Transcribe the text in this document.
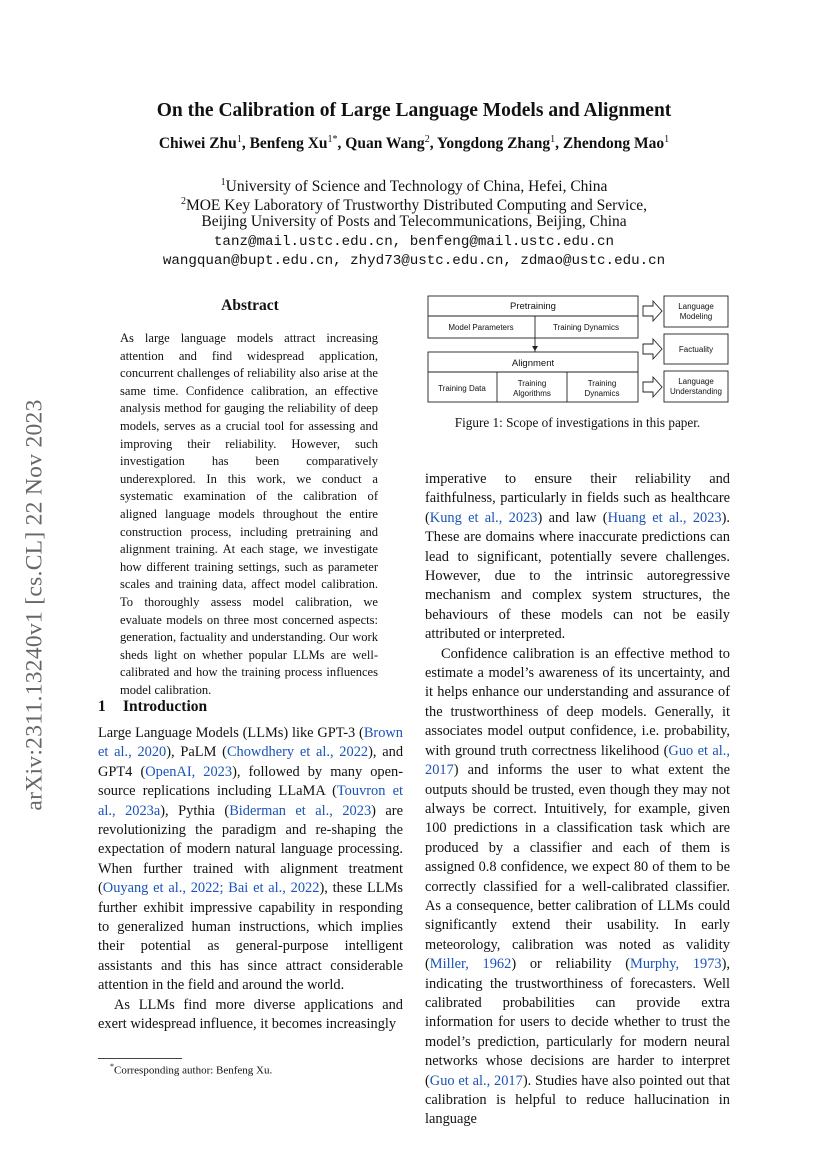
arXiv:2311.13240v1 [cs.CL] 22 Nov 2023
On the Calibration of Large Language Models and Alignment
Chiwei Zhu$^1$, Benfeng $Xu^{1*}$, Quan Wang$^2$, Yongdong Zhang$^1$, Zhendong Mao$^1$
$^1$University of Science and Technology of China, Hefei, China
$^2$MOE Key Laboratory of Trustworthy Distributed Computing and Service,
Beijing University of Posts and Telecommunications, Beijing, China
tanz@mail.ustc.edu.cn, benfeng@mail.ustc.edu.cn
wangquan@bupt.edu.cn, zhyd73@ustc.edu.cn, zdmao@ustc.edu.cn
Abstract
As large language models attract increasing attention and find widespread application, concurrent challenges of reliability also arise at the same time. Confidence calibration, an effective analysis method for gauging the reliability of deep models, serves as a crucial tool for assessing and improving their reliability. However, such investigation has been comparatively underexplored. In this work, we conduct a systematic examination of the calibration of aligned language models throughout the entire construction process, including pretraining and alignment training. At each stage, we investigate how different training settings, such as parameter scales and training data, affect model calibration. To thoroughly assess model calibration, we evaluate models on three most concerned aspects: generation, factuality and understanding. Our work sheds light on whether popular LLMs are well-calibrated and how the training process influences model calibration.
1 Introduction

Large Language Models (LLMs) like GPT-3 (Brown et al., 2020), PaLM (Chowdhery et al., 2022), and GPT4 (OpenAI, 2023), followed by many open-source replications including LLaMA (Touvron et al., 2023a), Pythia (Biderman et al., 2023) are revolutionizing the paradigm and re-shaping the expectation of modern natural language processing. When further trained with alignment treatment (Ouyang et al., 2022; Bai et al., 2022), these LLMs further exhibit impressive capability in responding to generalized human instructions, which implies their potential as general-purpose intelligent assistants and this has since attract considerable attention in the field and around the world.

As LLMs find more diverse applications and exert widespread influence, it becomes increasingly

*Corresponding author: Benfeng Xu.
Pretraining
Model Parameters	Training Dynamics
Alignment
Training Data
Training
Algorithms
Training
Dynamics
Language
Modeling
Factuality
Language
Understanding
Figure 1: Scope of investigations in this paper.

imperative to ensure their reliability and faithfulness, particularly in fields such as healthcare (Kung et al., 2023) and law (Huang et al., 2023). These are domains where inaccurate predictions can lead to significant, potentially severe challenges. However, due to the intrinsic autoregressive mechanism and complex system structures, the behaviours of these models can not be easily attributed or interpreted.

Confidence calibration is an effective method to estimate a model’s awareness of its uncertainty, and it helps enhance our understanding and assurance of the trustworthiness of deep models. Generally, it associates model output confidence, i.e. probability, with ground truth correctness likelihood (Guo et al., 2017) and informs the user to what extent the outputs should be trusted, even though they may not always be correct. Intuitively, for example, given 100 predictions in a classification task which are produced by a classifier and each of them is assigned 0.8 confidence, we expect 80 of them to be correctly classified for a well-calibrated classifier. As a consequence, better calibration of LLMs could significantly extend their usability. In early meteorology, calibration was noted as validity (Miller, 1962) or reliability (Murphy, 1973), indicating the trustworthiness of forecasters. Well calibrated probabilities can provide extra information for users to decide whether to trust the model’s prediction, particularly for modern neural networks whose decisions are harder to interpret (Guo et al., 2017). Studies have also pointed out that calibration is helpful to reduce hallucination in language
